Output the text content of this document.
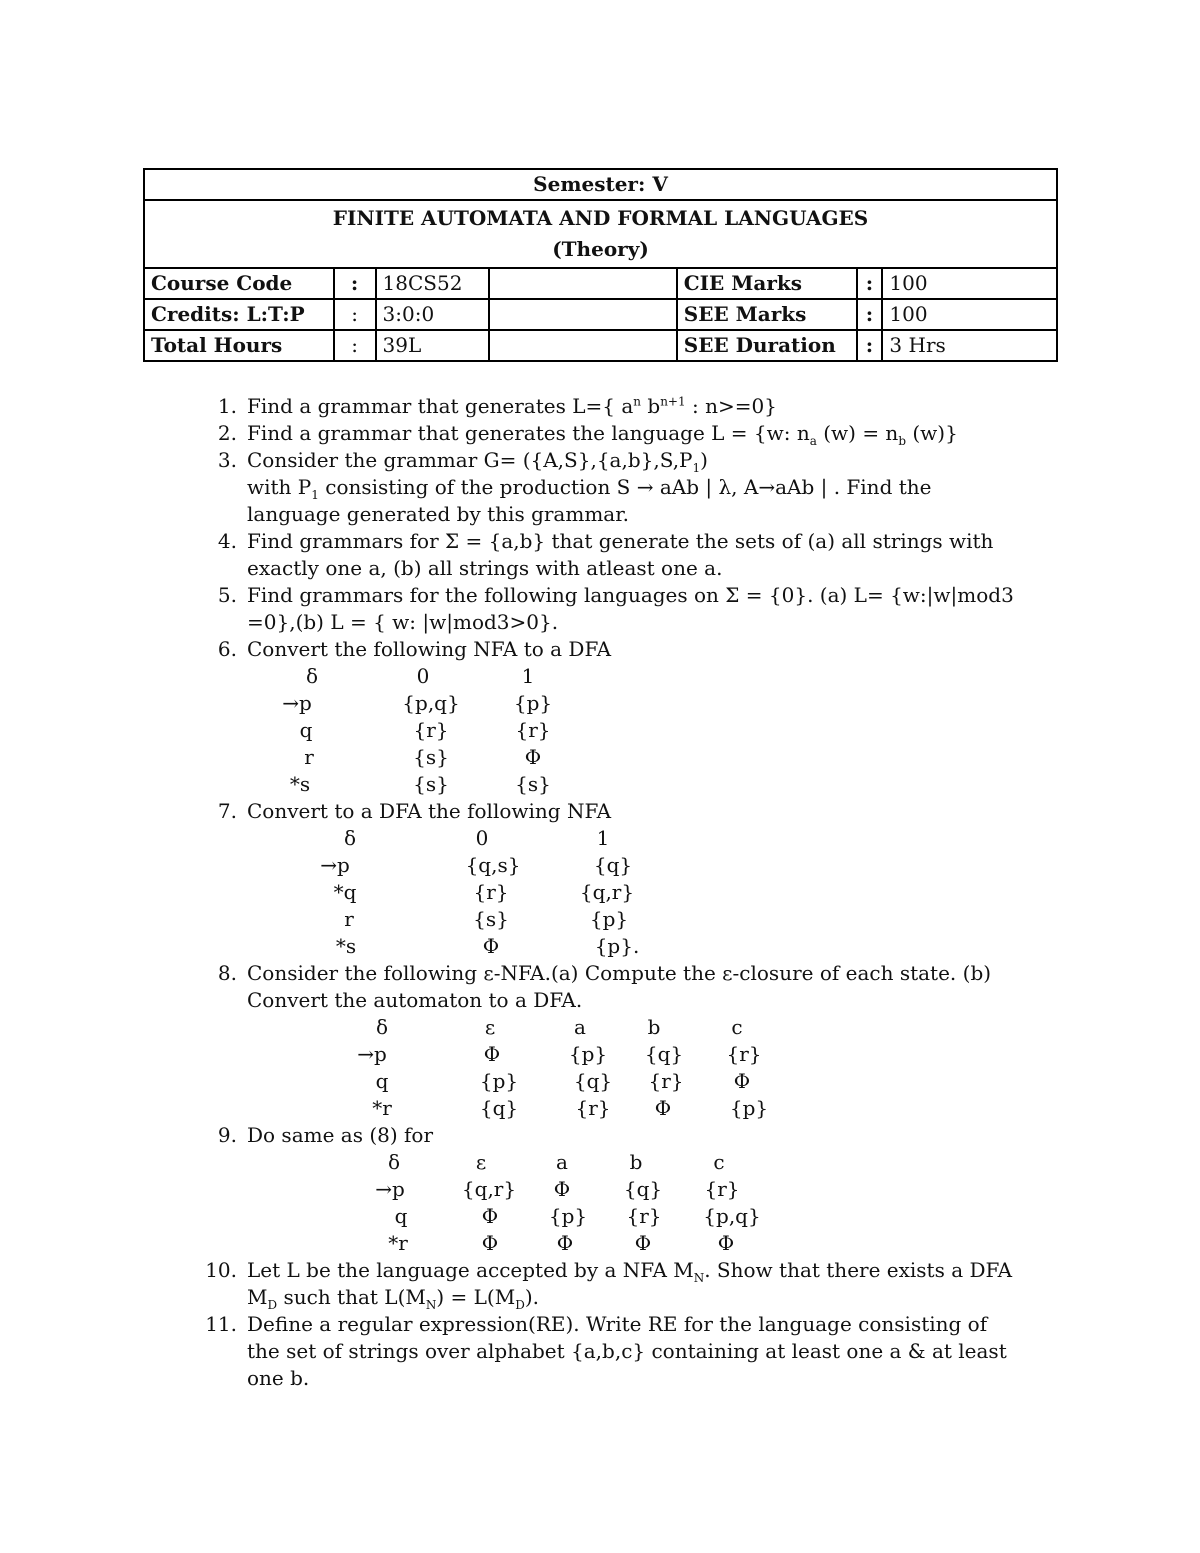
Semester: V						

FINITE AUTOMATA AND FORMAL LANGUAGES
(Theory)						

Course Code	:	18CS52		CIE Marks	:	100
Credits: L:T:P	:	3:0:0		SEE Marks	:	100
Total Hours	:	39L		SEE Duration	:	3 Hrs
1. Find a grammar that generates L={ $a^n$ $b^{n+1}$ : n>=0}
2. Find a grammar that generates the language L = {w: $n_a$ $(w) = n_b$ (w)}
3. Consider the grammar $G= (\{A,S\},\{a,b\},S,P_1)$
with $P_1$ consisting of the production S → aAb | λ, A→aAb | . Find the language generated by this grammar.
4. Find grammars for Σ = {a,b} that generate the sets of (a) all strings with exactly one a, (b) all strings with atleast one a.
5. Find grammars for the following languages on Σ = {0}. (a) L= {w:|w|mod3 =0},(b) L = { w: |w|mod3>0}.
6. Convert the following NFA to a DFA
δ	0	1
→p	{p,q}	{p}
q	{r}	{r}
r	{s}	Φ
*s	{s}	{s}
7. Convert to a DFA the following NFA
δ	0	1
→p	{q,s}	{q}
*q	{r}	{q,r}
r	{s}	{p}
*s	Φ	{p}.
8. Consider the following ε-NFA.(a) Compute the ε-closure of each state. (b) Convert the automaton to a DFA.
δ	ε	a	b	c
→p	Φ	{p} {q} {r}
q	{p}	{q} {r}	Φ
*r	{q}	{r} Φ	{p}
9. Do same as (8) for
δ	ε	a	b	c
→p	{q,r} Φ	{q} {r}
q	Φ	{p} {r} {p,q}
*r	Φ	Φ	Φ	Φ
10. Let L be the language accepted by a NFA $M_N$. Show that there exists a DFA $M_D$ such that $L(M_N) = L(M_D)$.
11. Define a regular expression(RE). Write RE for the language consisting of the set of strings over alphabet {a,b,c} containing at least one a & at least one b.
